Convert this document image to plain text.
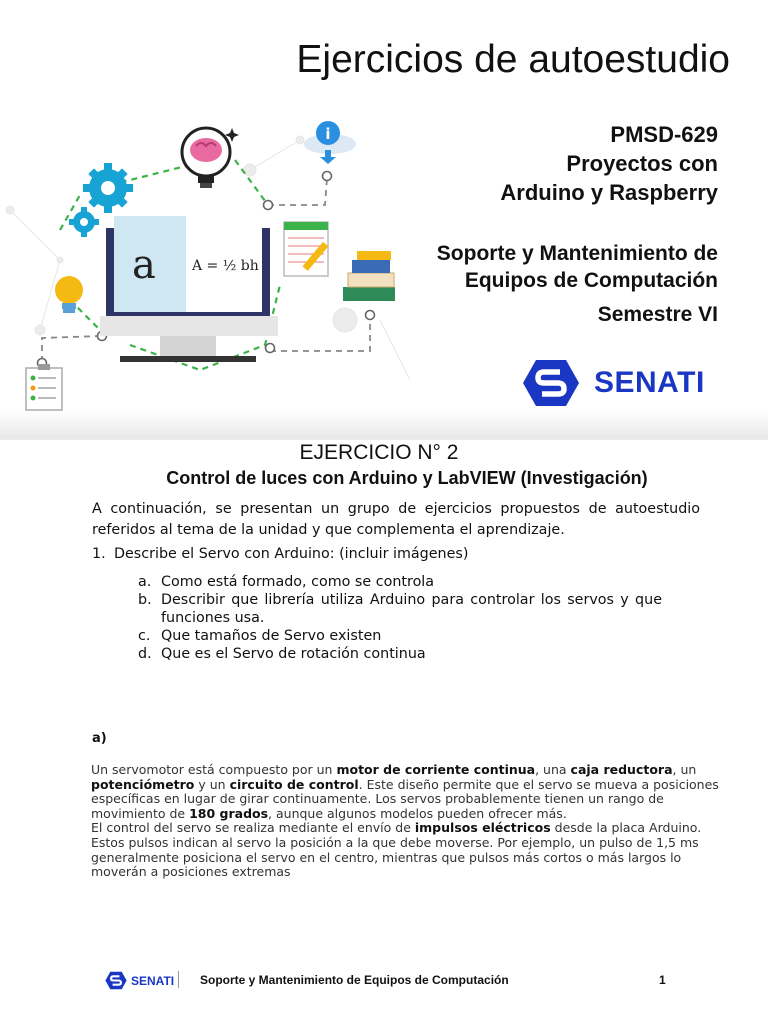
i
a	A = ½ bh
Ejercicios de autoestudio
PMSD-629
Proyectos con
Arduino y Raspberry
Soporte y Mantenimiento de
Equipos de Computación
Semestre VI
SENATI
EJERCICIO N° 2
Control de luces con Arduino y LabVIEW (Investigación)
A continuación, se presentan un grupo de ejercicios propuestos de autoestudio referidos al tema de la unidad y que complementa el aprendizaje.
1. Describe el Servo con Arduino: (incluir imágenes)
a. Como está formado, como se controla
b. Describir que librería utiliza Arduino para controlar los servos y que funciones usa.
c. Que tamaños de Servo existen
d. Que es el Servo de rotación continua
a)
Un servomotor está compuesto por un motor de corriente continua, una caja reductora, un potenciómetro y un circuito de control. Este diseño permite que el servo se mueva a posiciones específicas en lugar de girar continuamente. Los servos probablemente tienen un rango de movimiento de 180 grados, aunque algunos modelos pueden ofrecer más.
El control del servo se realiza mediante el envío de impulsos eléctricos desde la placa Arduino. Estos pulsos indican al servo la posición a la que debe moverse. Por ejemplo, un pulso de 1,5 ms generalmente posiciona el servo en el centro, mientras que pulsos más cortos o más largos lo moverán a posiciones extremas
SENATI Soporte y Mantenimiento de Equipos de Computación	1
